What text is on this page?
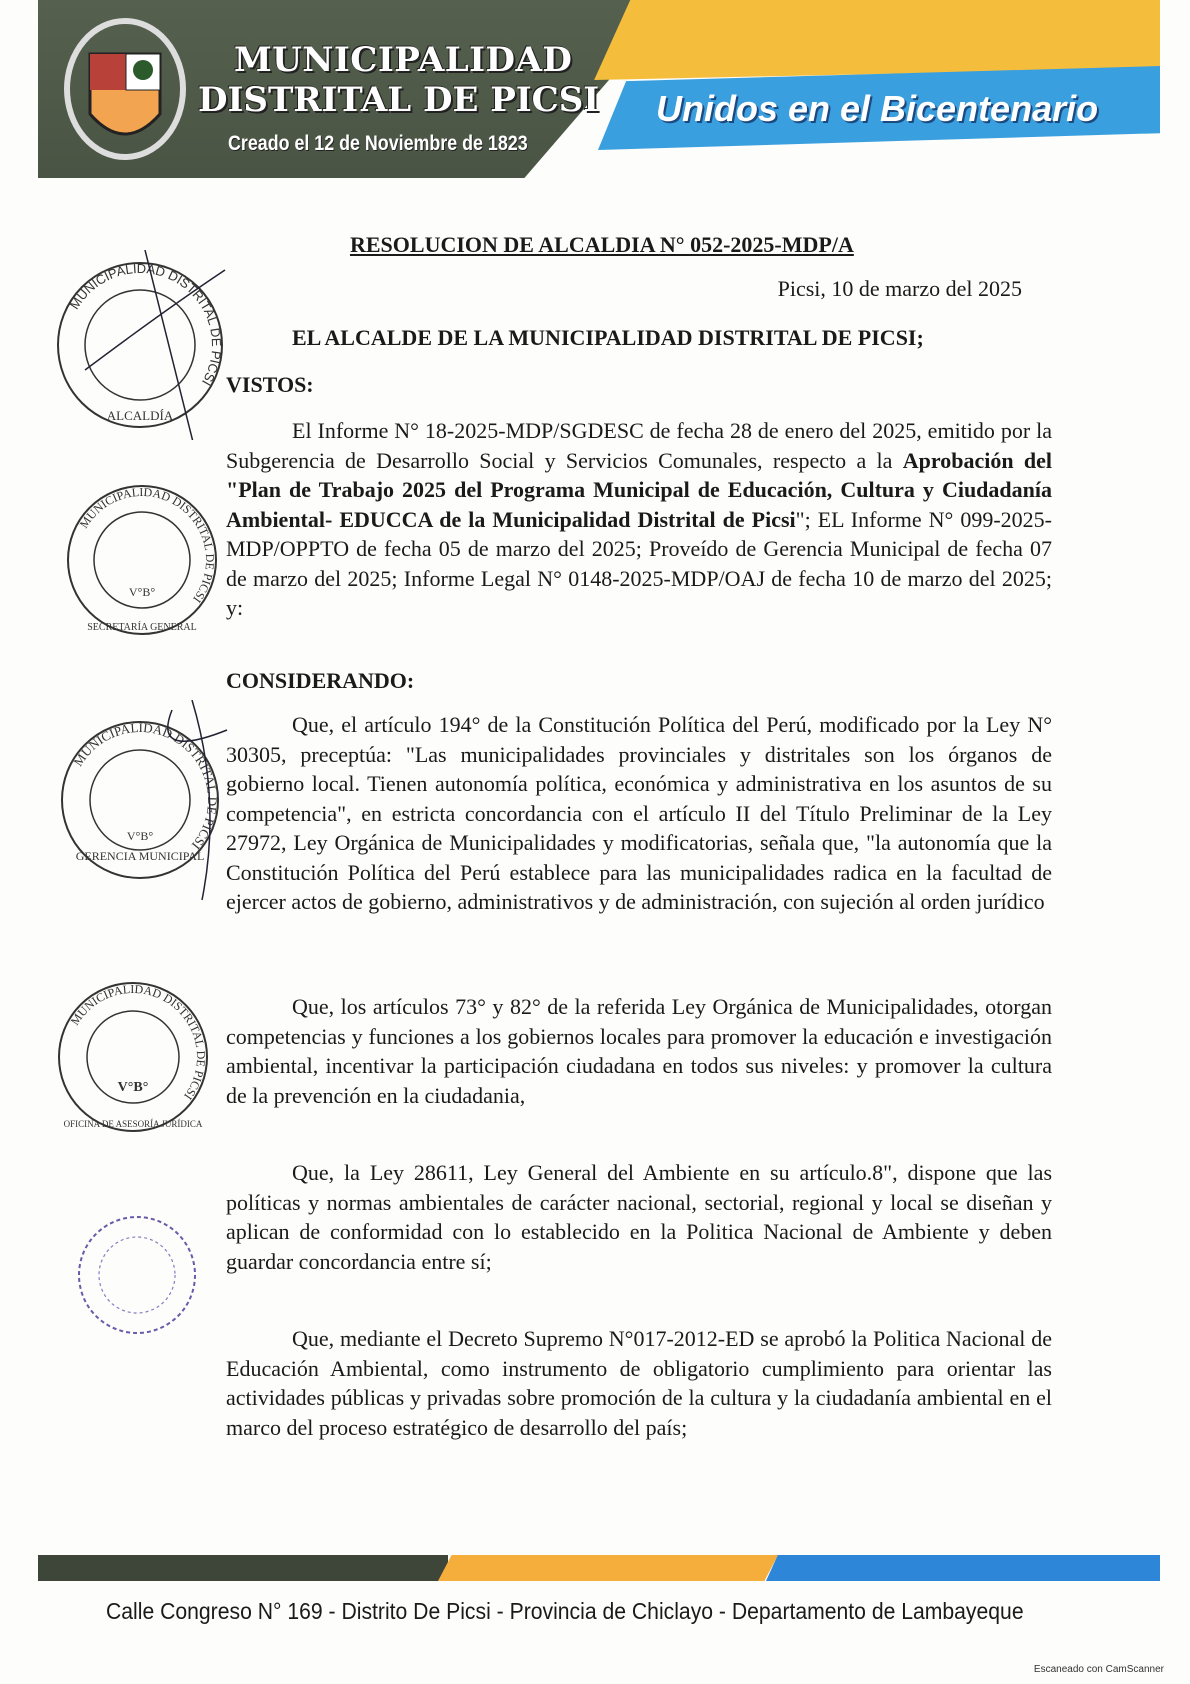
MUNICIPALIDAD
DISTRITAL DE PICSI
Creado el 12 de Noviembre de 1823
Unidos en el Bicentenario
RESOLUCION DE ALCALDIA N° 052-2025-MDP/A
Picsi, 10 de marzo del 2025
EL ALCALDE DE LA MUNICIPALIDAD DISTRITAL DE PICSI;
VISTOS:

El Informe N° 18-2025-MDP/SGDESC de fecha 28 de enero del 2025, emitido por la Subgerencia de Desarrollo Social y Servicios Comunales, respecto a la Aprobación del "Plan de Trabajo 2025 del Programa Municipal de Educación, Cultura y Ciudadanía Ambiental- EDUCCA de la Municipalidad Distrital de Picsi"; EL Informe N° 099-2025-MDP/OPPTO de fecha 05 de marzo del 2025; Proveído de Gerencia Municipal de fecha 07 de marzo del 2025; Informe Legal N° 0148-2025-MDP/OAJ de fecha 10 de marzo del 2025; y:

CONSIDERANDO:

Que, el artículo 194° de la Constitución Política del Perú, modificado por la Ley N° 30305, preceptúa: "Las municipalidades provinciales y distritales son los órganos de gobierno local. Tienen autonomía política, económica y administrativa en los asuntos de su competencia", en estricta concordancia con el artículo II del Título Preliminar de la Ley 27972, Ley Orgánica de Municipalidades y modificatorias, señala que, "la autonomía que la Constitución Política del Perú establece para las municipalidades radica en la facultad de ejercer actos de gobierno, administrativos y de administración, con sujeción al orden jurídico

Que, los artículos 73° y 82° de la referida Ley Orgánica de Municipalidades, otorgan competencias y funciones a los gobiernos locales para promover la educación e investigación ambiental, incentivar la participación ciudadana en todos sus niveles: y promover la cultura de la prevención en la ciudadania,

Que, la Ley 28611, Ley General del Ambiente en su artículo.8", dispone que las políticas y normas ambientales de carácter nacional, sectorial, regional y local se diseñan y aplican de conformidad con lo establecido en la Politica Nacional de Ambiente y deben guardar concordancia entre sí;

Que, mediante el Decreto Supremo N°017-2012-ED se aprobó la Politica Nacional de Educación Ambiental, como instrumento de obligatorio cumplimiento para orientar las actividades públicas y privadas sobre promoción de la cultura y la ciudadanía ambiental en el marco del proceso estratégico de desarrollo del país;

MUNICIPALIDAD DISTRITAL DE PICSI
ALCALDÍA
MUNICIPALIDAD DISTRITAL DE PICSI
V°B°
SECRETARÍA GENERAL
MUNICIPALIDAD DISTRITAL DE PICSI
GERENCIA MUNICIPAL
V°B°
MUNICIPALIDAD DISTRITAL DE PICSI
V°B°
OFICINA DE ASESORÍA JURÍDICA
Calle Congreso N° 169 - Distrito De Picsi - Provincia de Chiclayo - Departamento de Lambayeque
Escaneado con CamScanner
